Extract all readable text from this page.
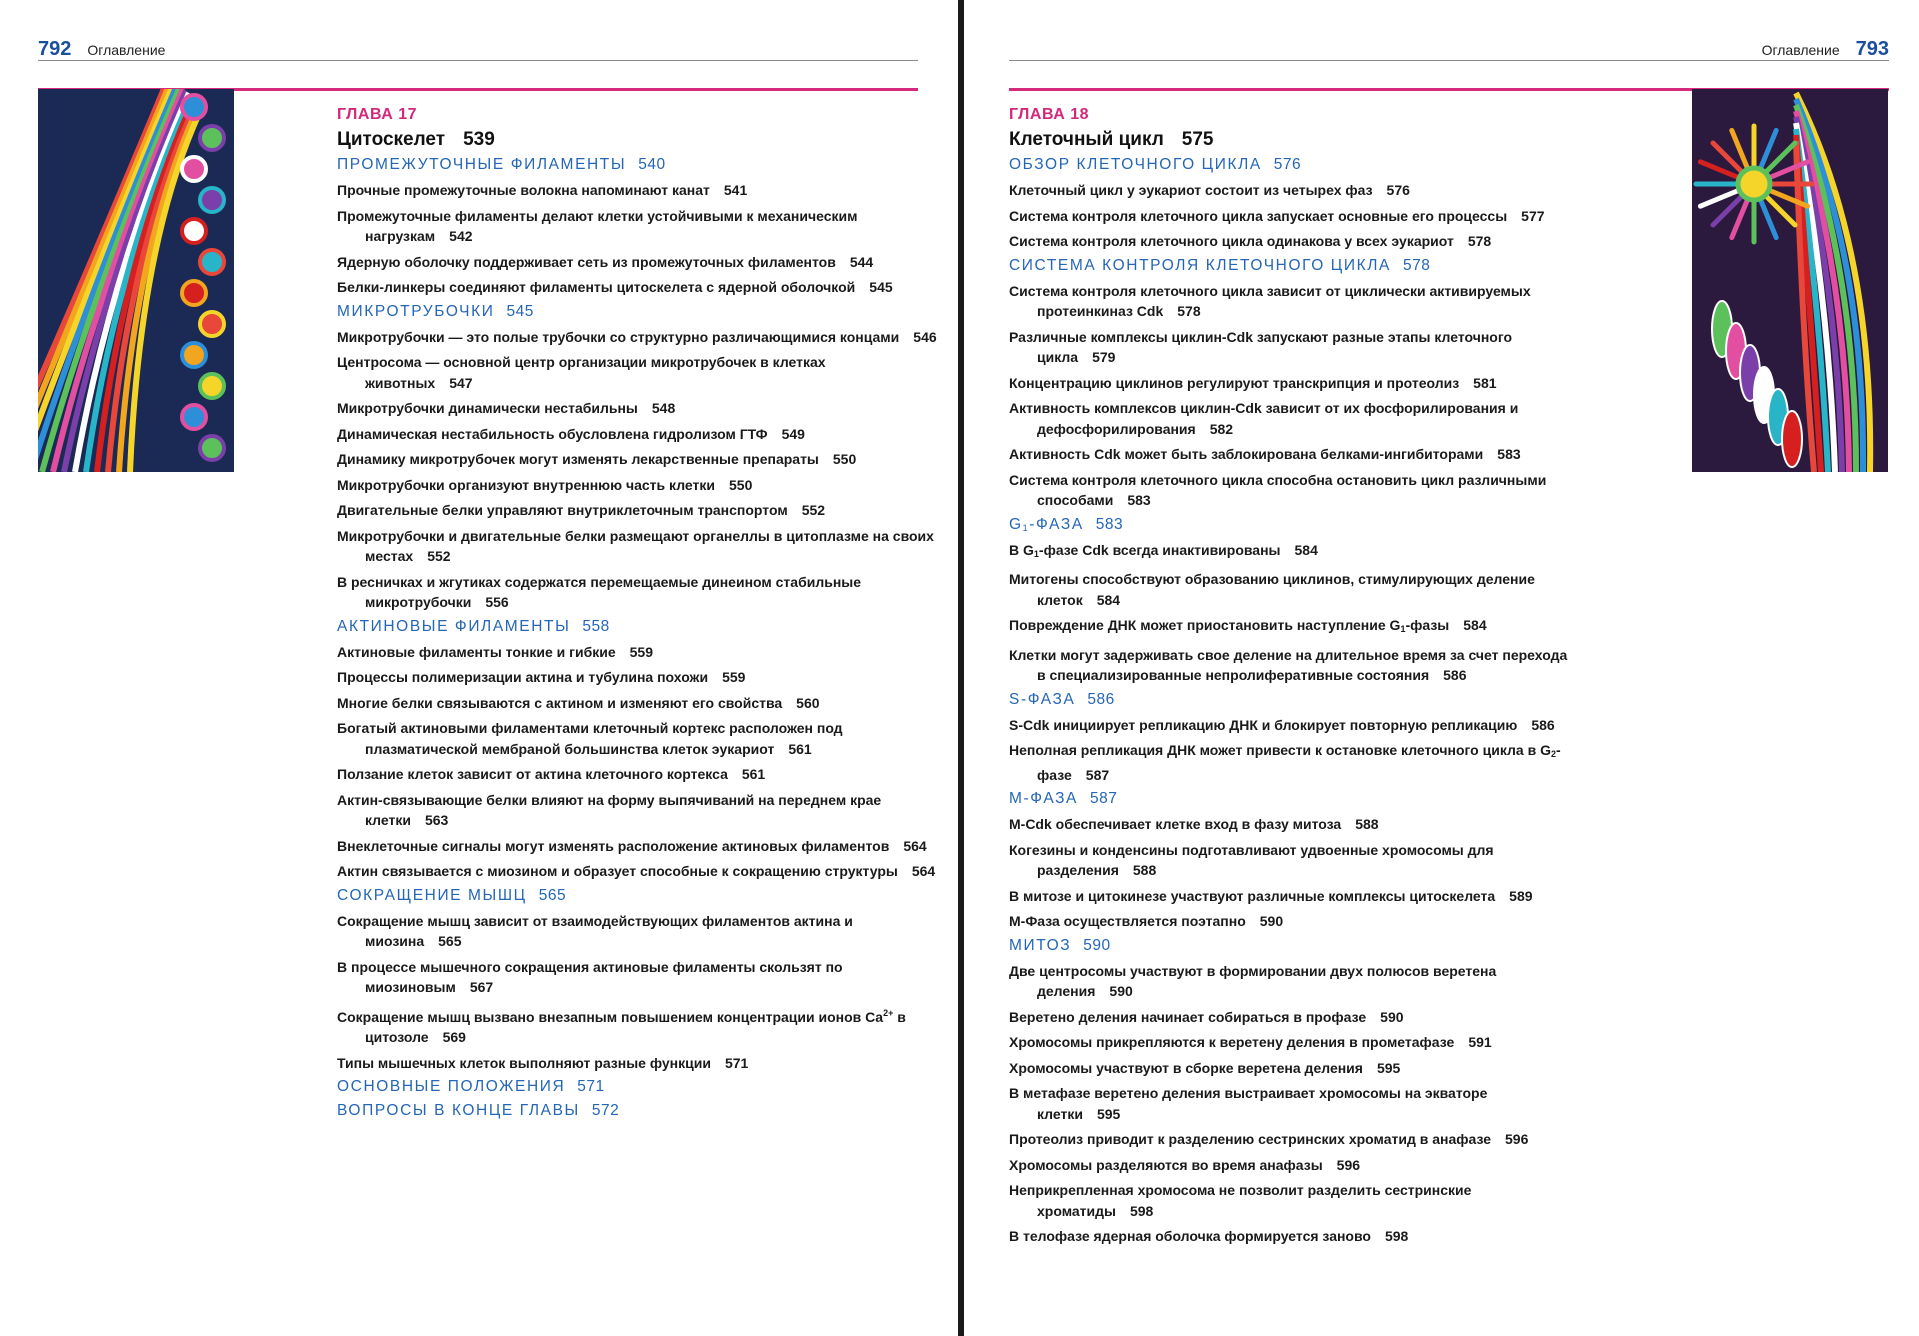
792 Оглавление
ГЛАВА 17
Цитоскелет 539
ПРОМЕЖУТОЧНЫЕ ФИЛАМЕНТЫ 540
Прочные промежуточные волокна напоминают канат 541
Промежуточные филаменты делают клетки устойчивыми к механическим нагрузкам 542
Ядерную оболочку поддерживает сеть из промежуточных филаментов 544
Белки-линкеры соединяют филаменты цитоскелета с ядерной оболочкой 545
МИКРОТРУБОЧКИ 545
Микротрубочки — это полые трубочки со структурно различающимися концами 546
Центросома — основной центр организации микротрубочек в клетках животных 547
Микротрубочки динамически нестабильны 548
Динамическая нестабильность обусловлена гидролизом ГТФ 549
Динамику микротрубочек могут изменять лекарственные препараты 550
Микротрубочки организуют внутреннюю часть клетки 550
Двигательные белки управляют внутриклеточным транспортом 552
Микротрубочки и двигательные белки размещают органеллы в цитоплазме на своих местах 552
В ресничках и жгутиках содержатся перемещаемые динеином стабильные микротрубочки 556
АКТИНОВЫЕ ФИЛАМЕНТЫ 558
Актиновые филаменты тонкие и гибкие 559
Процессы полимеризации актина и тубулина похожи 559
Многие белки связываются с актином и изменяют его свойства 560
Богатый актиновыми филаментами клеточный кортекс расположен под плазматической мембраной большинства клеток эукариот 561
Ползание клеток зависит от актина клеточного кортекса 561
Актин-связывающие белки влияют на форму выпячиваний на переднем крае клетки 563
Внеклеточные сигналы могут изменять расположение актиновых филаментов 564
Актин связывается с миозином и образует способные к сокращению структуры 564
СОКРАЩЕНИЕ МЫШЦ 565
Сокращение мышц зависит от взаимодействующих филаментов актина и миозина 565
В процессе мышечного сокращения актиновые филаменты скользят по миозиновым 567
Сокращение мышц вызвано внезапным повышением концентрации ионов $Ca^{2+}$ в цитозоле 569
Типы мышечных клеток выполняют разные функции 571
ОСНОВНЫЕ ПОЛОЖЕНИЯ 571
ВОПРОСЫ В КОНЦЕ ГЛАВЫ 572
Оглавление 793
ГЛАВА 18
Клеточный цикл 575
ОБЗОР КЛЕТОЧНОГО ЦИКЛА 576
Клеточный цикл у эукариот состоит из четырех фаз 576
Система контроля клеточного цикла запускает основные его процессы 577
Система контроля клеточного цикла одинакова у всех эукариот 578
СИСТЕМА КОНТРОЛЯ КЛЕТОЧНОГО ЦИКЛА 578
Система контроля клеточного цикла зависит от циклически активируемых протеинкиназ Cdk 578
Различные комплексы циклин-Cdk запускают разные этапы клеточного цикла 579
Концентрацию циклинов регулируют транскрипция и протеолиз 581
Активность комплексов циклин-Cdk зависит от их фосфорилирования и дефосфорилирования 582
Активность Cdk может быть заблокирована белками-ингибиторами 583
Система контроля клеточного цикла способна остановить цикл различными способами 583
$G_1$-ФАЗА 583
В $G_1$-фазе Cdk всегда инактивированы 584
Митогены способствуют образованию циклинов, стимулирующих деление клеток 584
Повреждение ДНК может приостановить наступление $G_1$-фазы 584
Клетки могут задерживать свое деление на длительное время за счет перехода в специализированные непролиферативные состояния 586
S-ФАЗА 586
S-Cdk инициирует репликацию ДНК и блокирует повторную репликацию 586
Неполная репликация ДНК может привести к остановке клеточного цикла в $G_2$-фазе 587
М-ФАЗА 587
M-Cdk обеспечивает клетке вход в фазу митоза 588
Когезины и конденсины подготавливают удвоенные хромосомы для разделения 588
В митозе и цитокинезе участвуют различные комплексы цитоскелета 589
М-Фаза осуществляется поэтапно 590
МИТОЗ 590
Две центросомы участвуют в формировании двух полюсов веретена деления 590
Веретено деления начинает собираться в профазе 590
Хромосомы прикрепляются к веретену деления в прометафазе 591
Хромосомы участвуют в сборке веретена деления 595
В метафазе веретено деления выстраивает хромосомы на экваторе клетки 595
Протеолиз приводит к разделению сестринских хроматид в анафазе 596
Хромосомы разделяются во время анафазы 596
Неприкрепленная хромосома не позволит разделить сестринские хроматиды 598
В телофазе ядерная оболочка формируется заново 598
